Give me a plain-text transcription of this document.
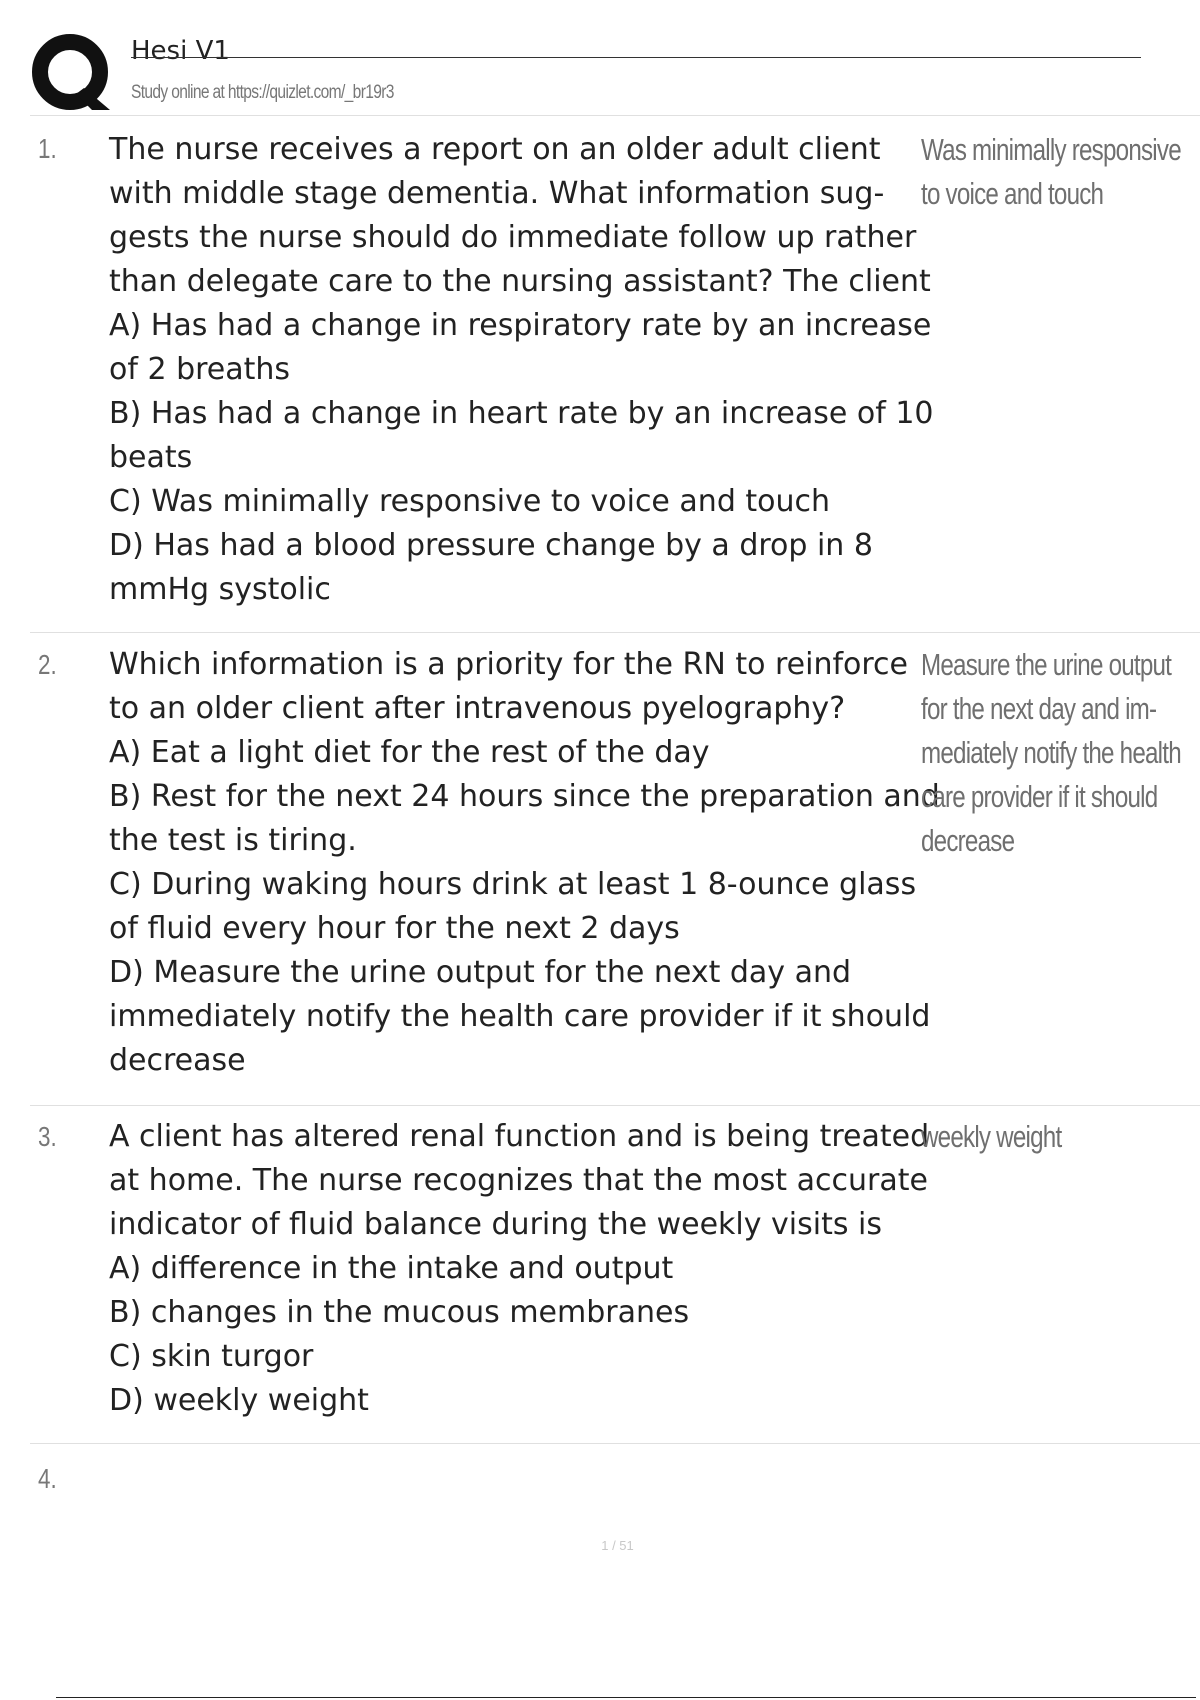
Hesi V1
Study online at https://quizlet.com/_br19r3
1. The nurse receives a report on an older adult client
with middle stage dementia. What information sug-
gests the nurse should do immediate follow up rather
than delegate care to the nursing assistant? The client
A) Has had a change in respiratory rate by an increase
of 2 breaths
B) Has had a change in heart rate by an increase of 10
beats
C) Was minimally responsive to voice and touch
D) Has had a blood pressure change by a drop in 8
mmHg systolic
Was minimally responsive
to voice and touch
2. Which information is a priority for the RN to reinforce
to an older client after intravenous pyelography?
A) Eat a light diet for the rest of the day
B) Rest for the next 24 hours since the preparation and
the test is tiring.
C) During waking hours drink at least 1 8-ounce glass
of fluid every hour for the next 2 days
D) Measure the urine output for the next day and
immediately notify the health care provider if it should
decrease
Measure the urine output
for the next day and im-
mediately notify the health
care provider if it should
decrease
3. A client has altered renal function and is being treated
at home. The nurse recognizes that the most accurate
indicator of fluid balance during the weekly visits is
A) difference in the intake and output
B) changes in the mucous membranes
C) skin turgor
D) weekly weight
weekly weight
4.
1 / 51
